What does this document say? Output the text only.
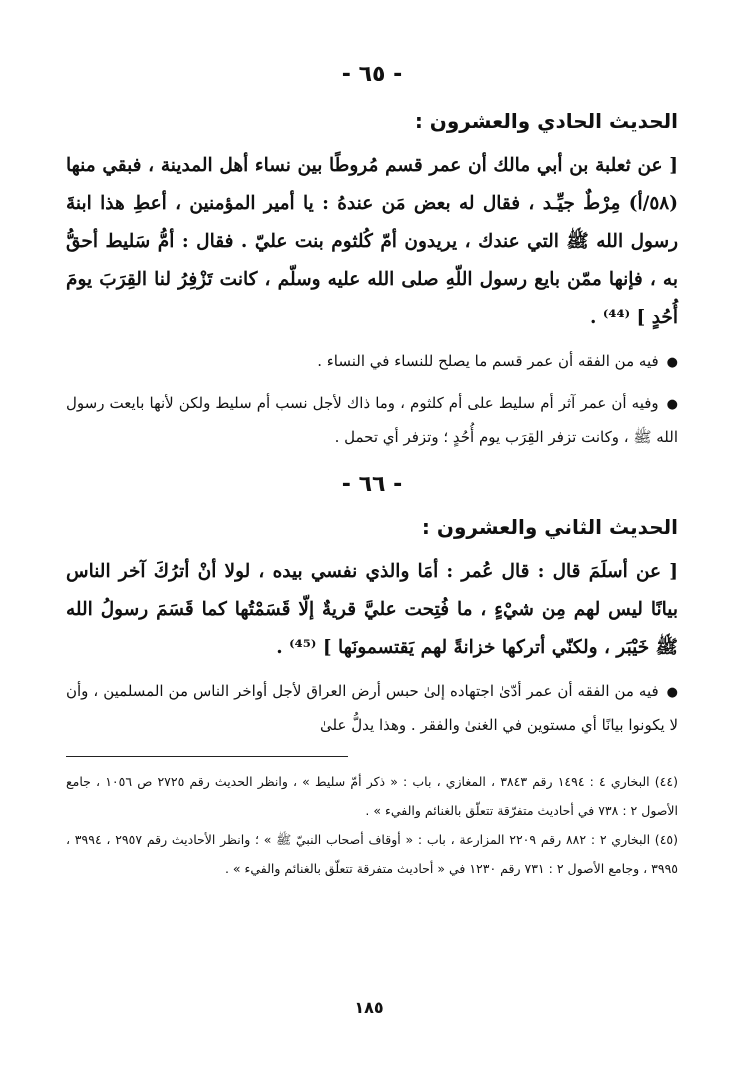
- ٦٥ -
الحديث الحادي والعشرون :

[ عن ثعلبة بن أبي مالك أن عمر قسم مُروطًا بين نساء أهل المدينة ، فبقي منها (٥٨/أ) مِرْطٌ جيِّـد ، فقال له بعض مَن عندهُ : يا أمير المؤمنين ، أعطِ هذا ابنةَ رسول الله ﷺ التي عندك ، يريدون أمّ كُلثوم بنت عليّ . فقال : أمُّ سَليط أحقُّ به ، فإنها ممّن بايع رسول اللّهِ صلى الله عليه وسلّم ، كانت تَزْفِرُ لنا القِرَبَ يومَ أُحُدٍ ] ⁽⁴⁴⁾ .

●فيه من الفقه أن عمر قسم ما يصلح للنساء في النساء .

●وفيه أن عمر آثر أم سليط على أم كلثوم ، وما ذاك لأجل نسب أم سليط ولكن لأنها بايعت رسول الله ﷺ ، وكانت تزفر القِرَب يوم أُحُدٍ ؛ وتزفر أي تحمل .

- ٦٦ -
الحديث الثاني والعشرون :

[ عن أسلَمَ قال : قال عُمر : أمَا والذي نفسي بيده ، لولا أنْ أترُكَ آخر الناس بيانًا ليس لهم مِن شيْءٍ ، ما فُتِحت عليَّ قريةٌ إلّا قَسَمْتُها كما قَسَمَ رسولُ الله ﷺ خَيْبَر ، ولكنّي أتركها خزانةً لهم يَقتسمونَها ] ⁽⁴⁵⁾ .

●فيه من الفقه أن عمر أدّىٰ اجتهاده إلىٰ حبس أرض العراق لأجل أواخر الناس من المسلمين ، وأن لا يكونوا بيانًا أي مستوين في الغنىٰ والفقر . وهذا يدلُّ علىٰ

(٤٤) البخاري ٤ : ١٤٩٤ رقم ٣٨٤٣ ، المغازي ، باب : « ذكر أمّ سليط » ، وانظر الحديث رقم ٢٧٢٥ ص ١٠٥٦ ، جامع الأصول ٢ : ٧٣٨ في أحاديث متفرّقة تتعلّق بالغنائم والفيء » .

(٤٥) البخاري ٢ : ٨٨٢ رقم ٢٢٠٩ المزارعة ، باب : « أوقاف أصحاب النبيّ ﷺ » ؛ وانظر الأحاديث رقم ٢٩٥٧ ، ٣٩٩٤ ، ٣٩٩٥ ، وجامع الأصول ٢ : ٧٣١ رقم ١٢٣٠ في « أحاديث متفرقة تتعلّق بالغنائم والفيء » .

١٨٥
